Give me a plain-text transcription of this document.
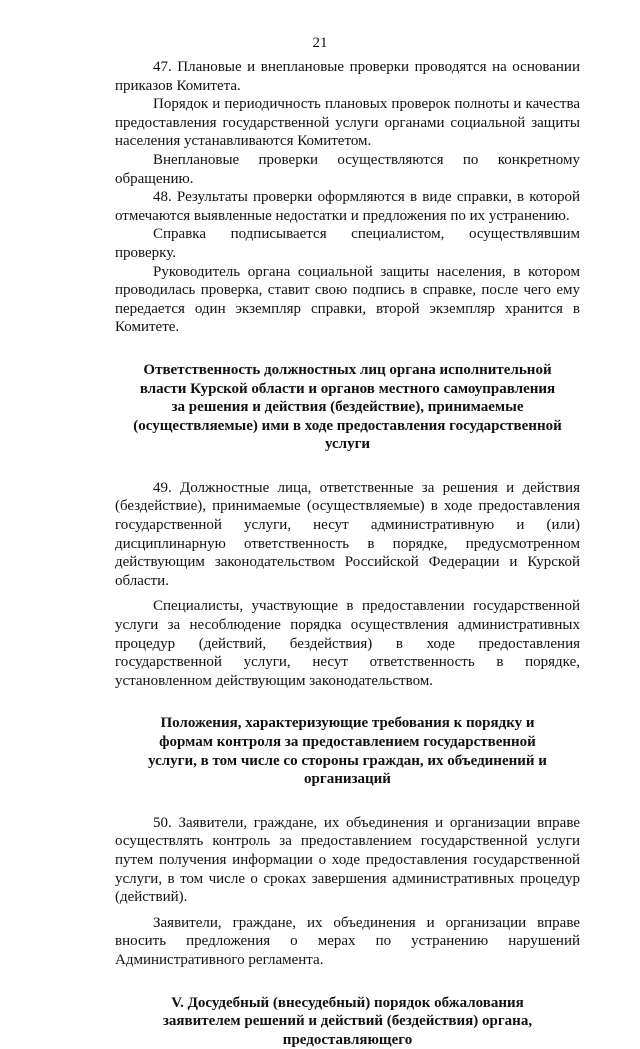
21

47. Плановые и внеплановые проверки проводятся на основании приказов Комитета.

Порядок и периодичность плановых проверок полноты и качества предоставления государственной услуги органами социальной защиты населения устанавливаются Комитетом.

Внеплановые проверки осуществляются по конкретному обращению.

48. Результаты проверки оформляются в виде справки, в которой отмечаются выявленные недостатки и предложения по их устранению.

Справка подписывается специалистом, осуществлявшим проверку.

Руководитель органа социальной защиты населения, в котором проводилась проверка, ставит свою подпись в справке, после чего ему передается один экземпляр справки, второй экземпляр хранится в Комитете.

Ответственность должностных лиц органа исполнительной власти Курской области и органов местного самоуправления за решения и действия (бездействие), принимаемые (осуществляемые) ими в ходе предоставления государственной услуги

49. Должностные лица, ответственные за решения и действия (бездействие), принимаемые (осуществляемые) в ходе предоставления государственной услуги, несут административную и (или) дисциплинарную ответственность в порядке, предусмотренном действующим законодательством Российской Федерации и Курской области.

Специалисты, участвующие в предоставлении государственной услуги за несоблюдение порядка осуществления административных процедур (действий, бездействия) в ходе предоставления государственной услуги, несут ответственность в порядке, установленном действующим законодательством.

Положения, характеризующие требования к порядку и формам контроля за предоставлением государственной услуги, в том числе со стороны граждан, их объединений и организаций

50. Заявители, граждане, их объединения и организации вправе осуществлять контроль за предоставлением государственной услуги путем получения информации о ходе предоставления государственной услуги, в том числе о сроках завершения административных процедур (действий).

Заявители, граждане, их объединения и организации вправе вносить предложения о мерах по устранению нарушений Административного регламента.

V. Досудебный (внесудебный) порядок обжалования заявителем решений и действий (бездействия) органа, предоставляющего
